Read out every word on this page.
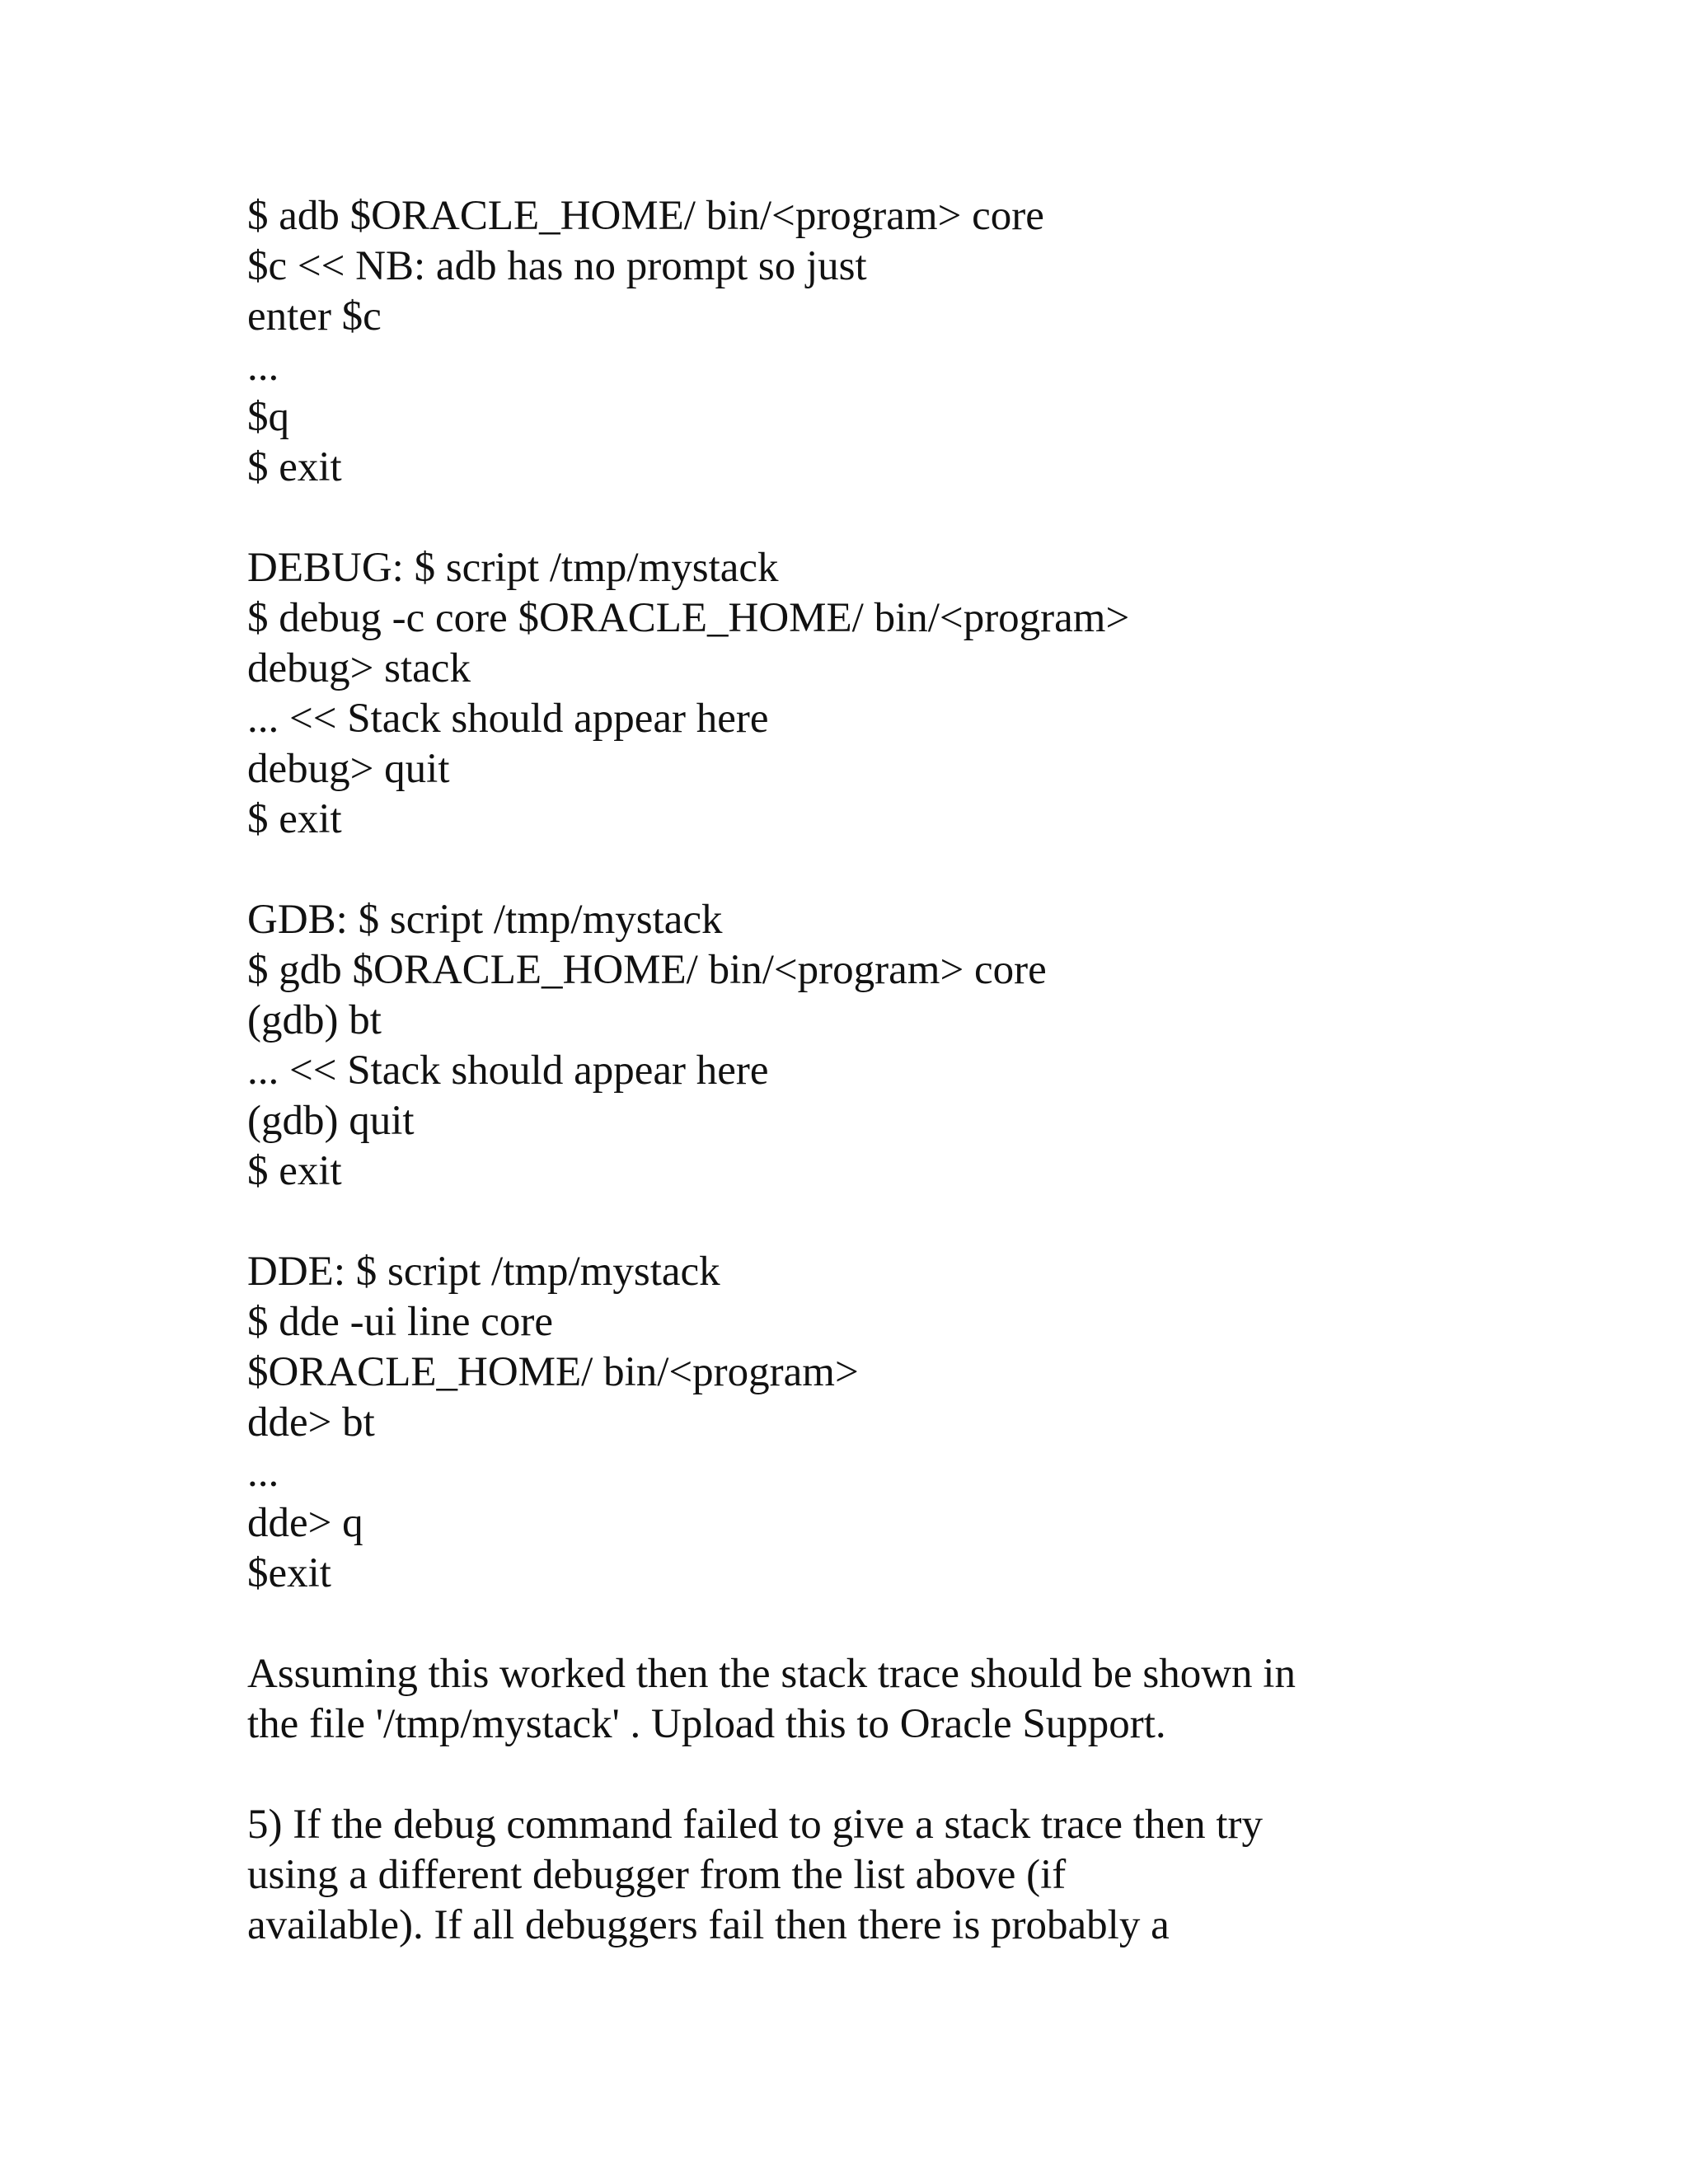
$ adb $ORACLE_HOME/ bin/<program> core
$c << NB: adb has no prompt so just
enter $c
...
$q
$ exit
DEBUG: $ script /tmp/mystack
$ debug -c core $ORACLE_HOME/ bin/<program>
debug> stack
... << Stack should appear here
debug> quit
$ exit
GDB: $ script /tmp/mystack
$ gdb $ORACLE_HOME/ bin/<program> core
(gdb) bt
... << Stack should appear here
(gdb) quit
$ exit
DDE: $ script /tmp/mystack
$ dde -ui line core
$ORACLE_HOME/ bin/<program>
dde> bt
...
dde> q
$exit
Assuming this worked then the stack trace should be shown in
the file '/tmp/mystack' . Upload this to Oracle Support.
5) If the debug command failed to give a stack trace then try
using a different debugger from the list above (if
available). If all debuggers fail then there is probably a
